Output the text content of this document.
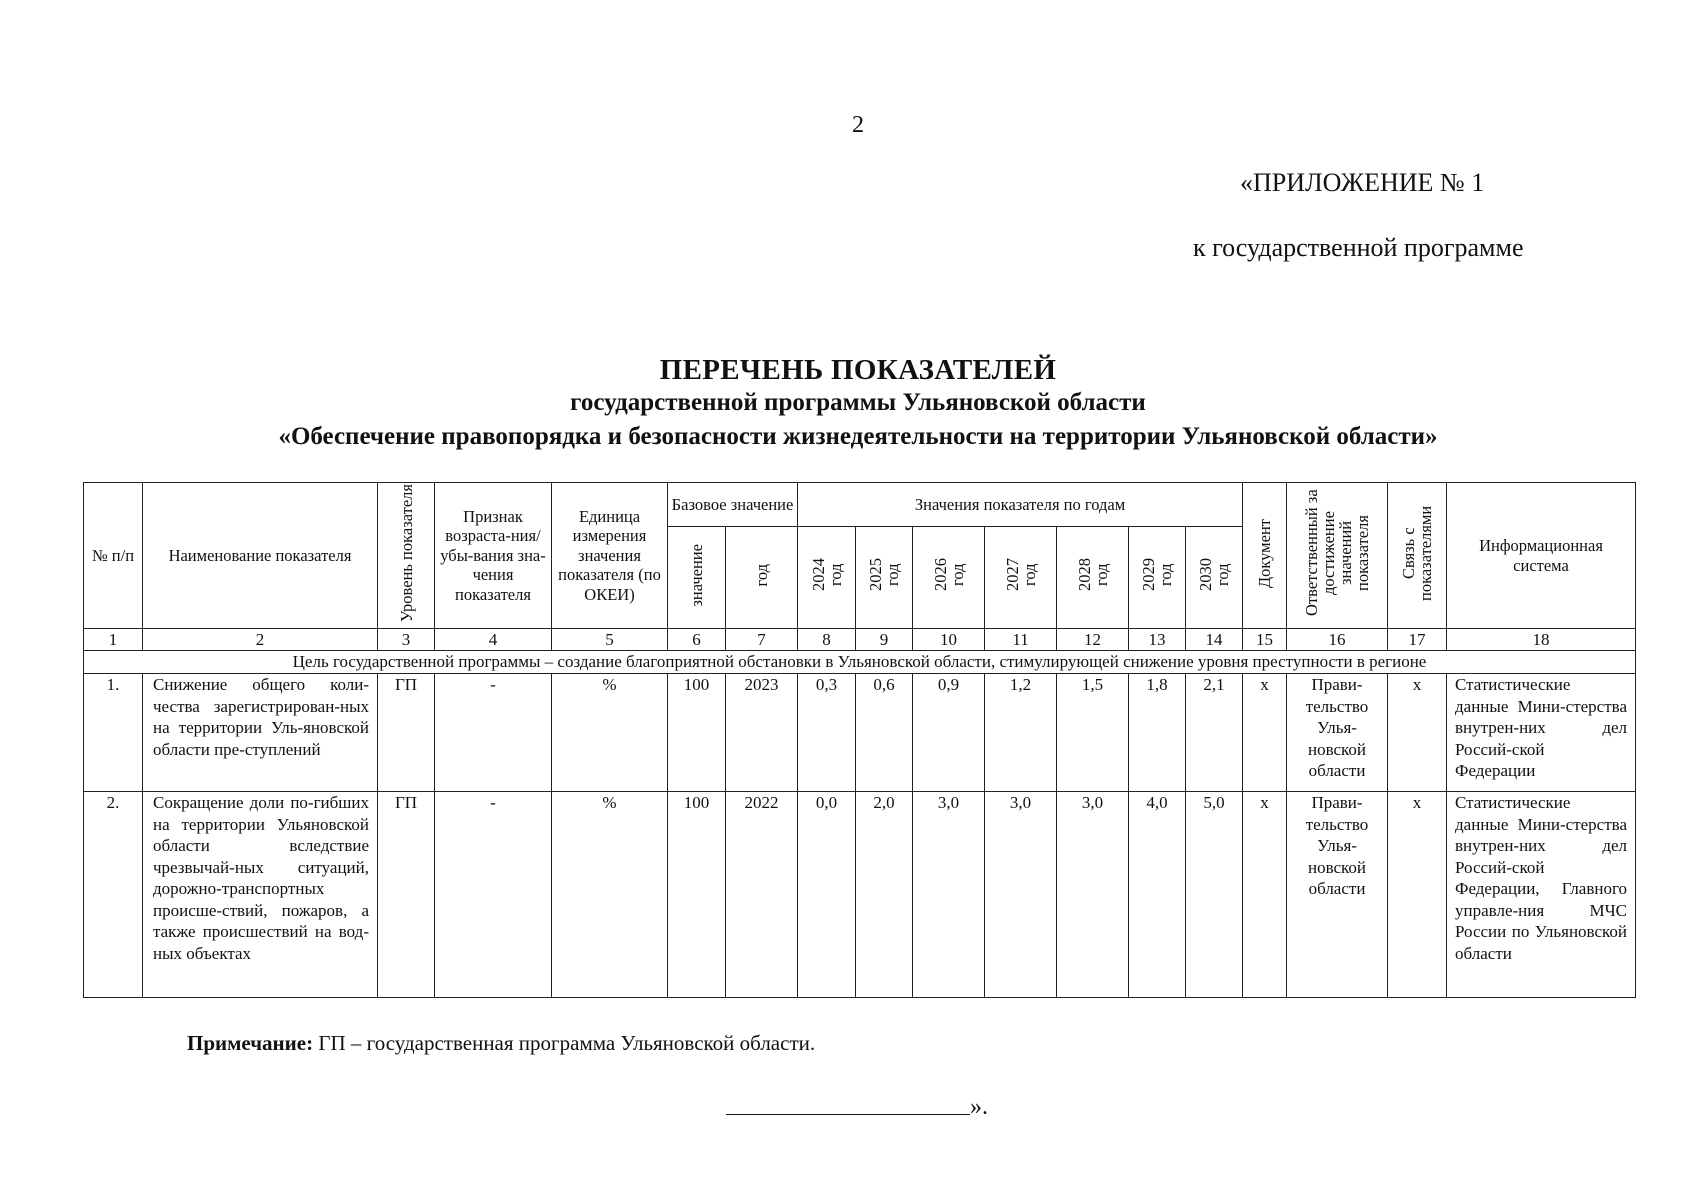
2
«ПРИЛОЖЕНИЕ № 1
к государственной программе
ПЕРЕЧЕНЬ ПОКАЗАТЕЛЕЙ
государственной программы Ульяновской области
«Обеспечение правопорядка и безопасности жизнедеятельности на территории Ульяновской области»
№ п/п	Наименование показателя	Уровень показателя	Признак возраста-ния/ убы-вания зна-чения показателя	Единица измерения значения показателя (по ОКЕИ)	Базовое значение		Значения показателя по годам							Документ	Ответственный за достижение значений показателя	Связь с показателями	Информационная система
					значение	год	2024 год	2025 год	2026 год	2027 год	2028 год	2029 год	2030 год				
1	2	3	4	5	6	7	8	9	10	11	12	13	14	15	16	17	18
Цель государственной программы – создание благоприятной обстановки в Ульяновской области, стимулирующей снижение уровня преступности в регионе																	
1.	Снижение общего коли-чества зарегистрирован-ных на территории Уль-яновской области пре-ступлений	ГП	-	%	100	2023	0,3	0,6	0,9	1,2	1,5	1,8	2,1	х	Прави-тельство Улья-новской области	х	Статистические данные Мини-стерства внутрен-них дел Россий-ской Федерации
2.	Сокращение доли по-гибших на территории Ульяновской области вследствие чрезвычай-ных ситуаций, дорожно-транспортных происше-ствий, пожаров, а также происшествий на вод-ных объектах	ГП	-	%	100	2022	0,0	2,0	3,0	3,0	3,0	4,0	5,0	х	Прави-тельство Улья-новской области	х	Статистические данные Мини-стерства внутрен-них дел Россий-ской Федерации, Главного управле-ния МЧС России по Ульяновской области
Примечание: ГП – государственная программа Ульяновской области.
».
